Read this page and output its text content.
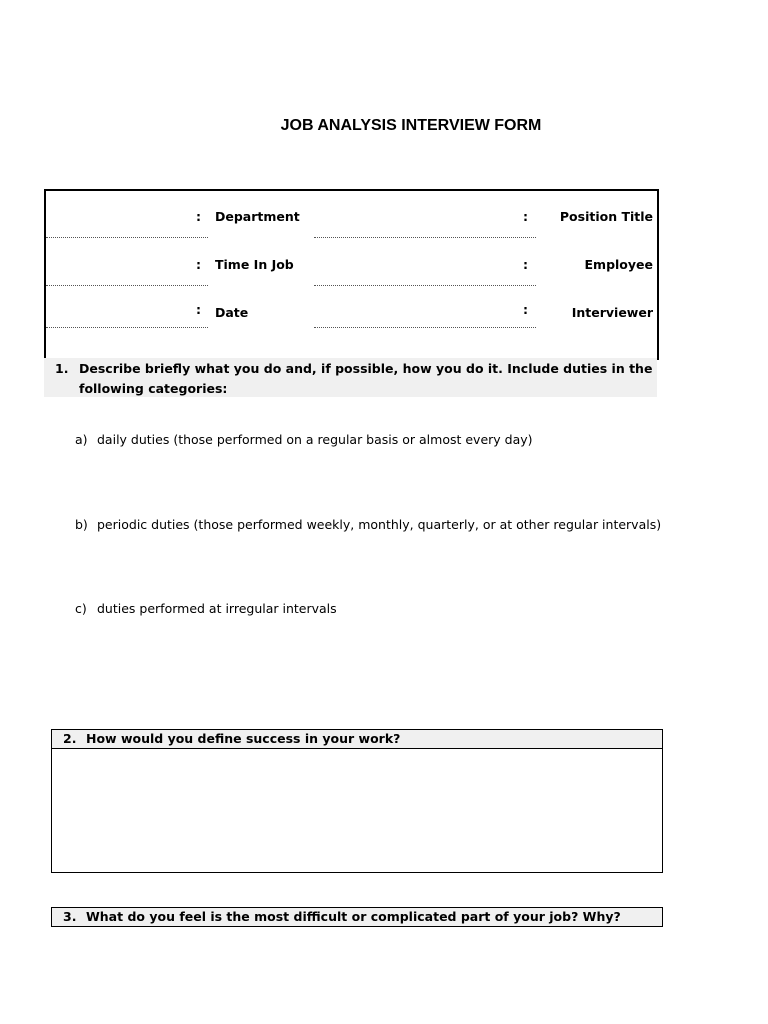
JOB ANALYSIS INTERVIEW FORM
: Department	:	Position Title
: Time In Job	:	Employee
: Date	:	Interviewer
1. Describe briefly what you do and, if possible, how you do it. Include duties in the following categories:
a) daily duties (those performed on a regular basis or almost every day)
b) periodic duties (those performed weekly, monthly, quarterly, or at other regular intervals)
c) duties performed at irregular intervals
2. How would you define success in your work?
3. What do you feel is the most difficult or complicated part of your job? Why?
